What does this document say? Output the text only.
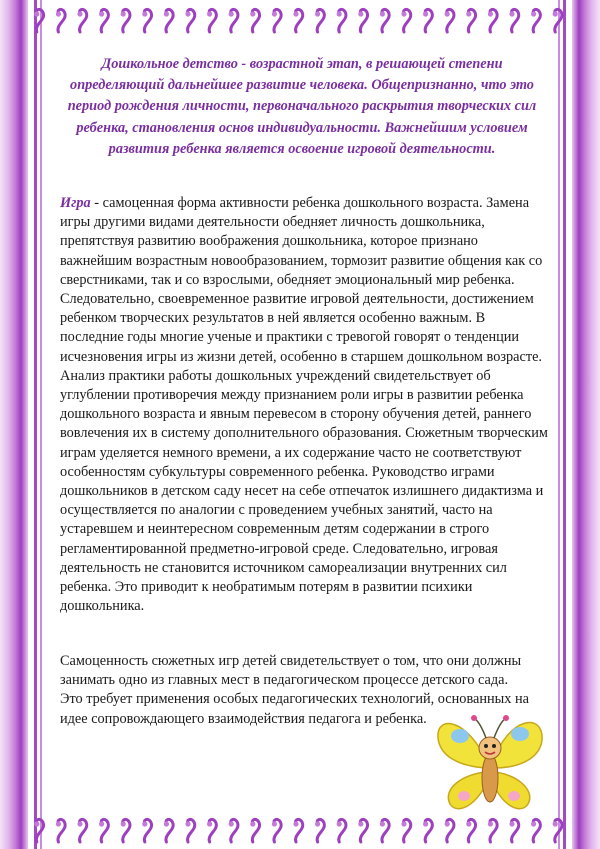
Дошкольное детство - возрастной этап, в решающей степени определяющий дальнейшее развитие человека. Общепризнанно, что это период рождения личности, первоначального раскрытия творческих сил ребенка, становления основ индивидуальности. Важнейшим условием развития ребенка является освоение игровой деятельности.

Игра - самоценная форма активности ребенка дошкольного возраста. Замена игры другими видами деятельности обедняет личность дошкольника, препятствуя развитию воображения дошкольника, которое признано важнейшим возрастным новообразованием, тормозит развитие общения как со сверстниками, так и со взрослыми, обедняет эмоциональный мир ребенка. Следовательно, своевременное развитие игровой деятельности, достижением ребенком творческих результатов в ней является особенно важным. В последние годы многие ученые и практики с тревогой говорят о тенденции исчезновения игры из жизни детей, особенно в старшем дошкольном возрасте. Анализ практики работы дошкольных учреждений свидетельствует об углублении противоречия между признанием роли игры в развитии ребенка дошкольного возраста и явным перевесом в сторону обучения детей, раннего вовлечения их в систему дополнительного образования. Сюжетным творческим играм уделяется немного времени, а их содержание часто не соответствуют особенностям субкультуры современного ребенка. Руководство играми дошкольников в детском саду несет на себе отпечаток излишнего дидактизма и осуществляется по аналогии с проведением учебных занятий, часто на устаревшем и неинтересном современным детям содержании в строго регламентированной предметно-игровой среде. Следовательно, игровая деятельность не становится источником самореализации внутренних сил ребенка. Это приводит к необратимым потерям в развитии психики дошкольника.

Самоценность сюжетных игр детей свидетельствует о том, что они должны занимать одно из главных мест в педагогическом процессе детского сада. Это требует применения особых педагогических технологий, основанных на идее сопровождающего взаимодействия педагога и ребенка.
